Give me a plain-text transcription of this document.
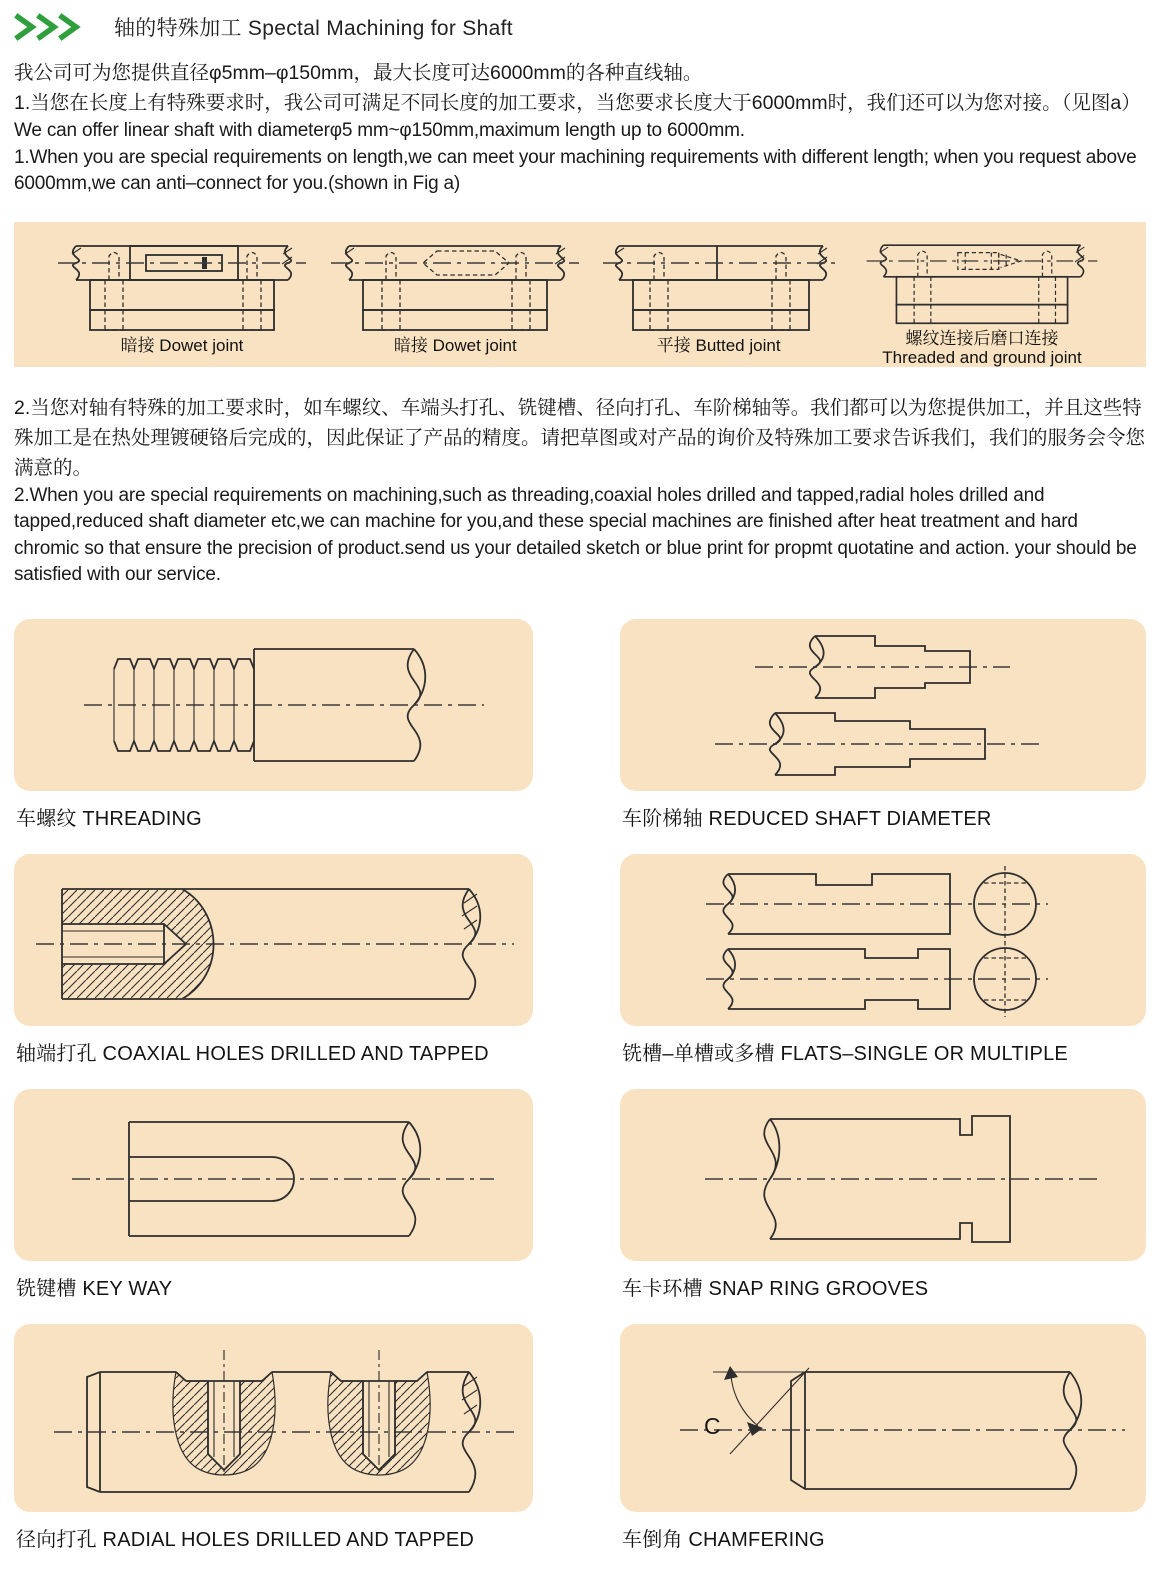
轴的特殊加工 Spectal Machining for Shaft

我公司可为您提供直径φ5mm–φ150mm，最大长度可达6000mm的各种直线轴。

1.当您在长度上有特殊要求时，我公司可满足不同长度的加工要求，当您要求长度大于6000mm时，我们还可以为您对接。（见图a）

We can offer linear shaft with diameterφ5 mm~φ150mm,maximum length up to 6000mm.

1.When you are special requirements on length,we can meet your machining requirements with different length; when you request above 6000mm,we can anti–connect for you.(shown in Fig a)

暗接 Dowet joint	暗接 Dowet joint	平接 Butted joint	螺纹连接后磨口连接
Threaded and ground joint

2.当您对轴有特殊的加工要求时，如车螺纹、车端头打孔、铣键槽、径向打孔、车阶梯轴等。我们都可以为您提供加工，并且这些特殊加工是在热处理镀硬铬后完成的，因此保证了产品的精度。请把草图或对产品的询价及特殊加工要求告诉我们，我们的服务会令您满意的。

2.When you are special requirements on machining,such as threading,coaxial holes drilled and tapped,radial holes drilled and tapped,reduced shaft diameter etc,we can machine for you,and these special machines are finished after heat treatment and hard chromic so that ensure the precision of product.send us your detailed sketch or blue print for propmt quotatine and action. your should be satisfied with our service.

车螺纹 THREADING	车阶梯轴 REDUCED SHAFT DIAMETER
轴端打孔 COAXIAL HOLES DRILLED AND TAPPED	铣槽–单槽或多槽 FLATS–SINGLE OR MULTIPLE
铣键槽 KEY WAY	车卡环槽 SNAP RING GROOVES
径向打孔 RADIAL HOLES DRILLED AND TAPPED
C
车倒角 CHAMFERING
